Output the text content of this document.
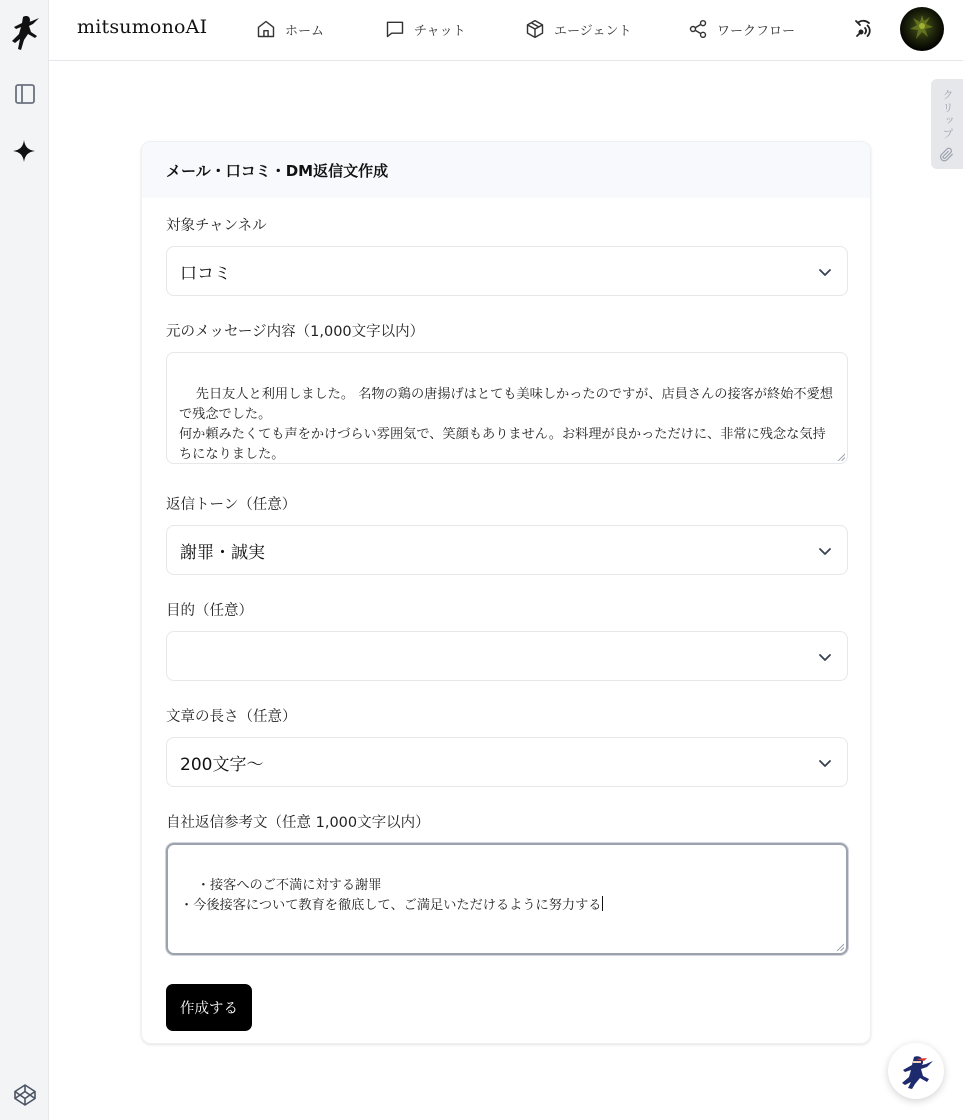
mitsumonoAI	ホーム	チャット	エージェント	ワークフロー
クリップ
メール・口コミ・DM返信文作成
対象チャンネル
口コミ
元のメッセージ内容（1,000文字以内）

先日友人と利用しました。 名物の鶏の唐揚げはとても美味しかったのですが、店員さんの接客が終始不愛想で残念でした。
何か頼みたくても声をかけづらい雰囲気で、笑顔もありません。お料理が良かっただけに、非常に残念な気持ちになりました。

返信トーン（任意）
謝罪・誠実
目的（任意）
文章の長さ（任意）
200文字〜
自社返信参考文（任意 1,000文字以内）

・接客へのご不満に対する謝罪
・今後接客について教育を徹底して、ご満足いただけるように努力する

作成する
